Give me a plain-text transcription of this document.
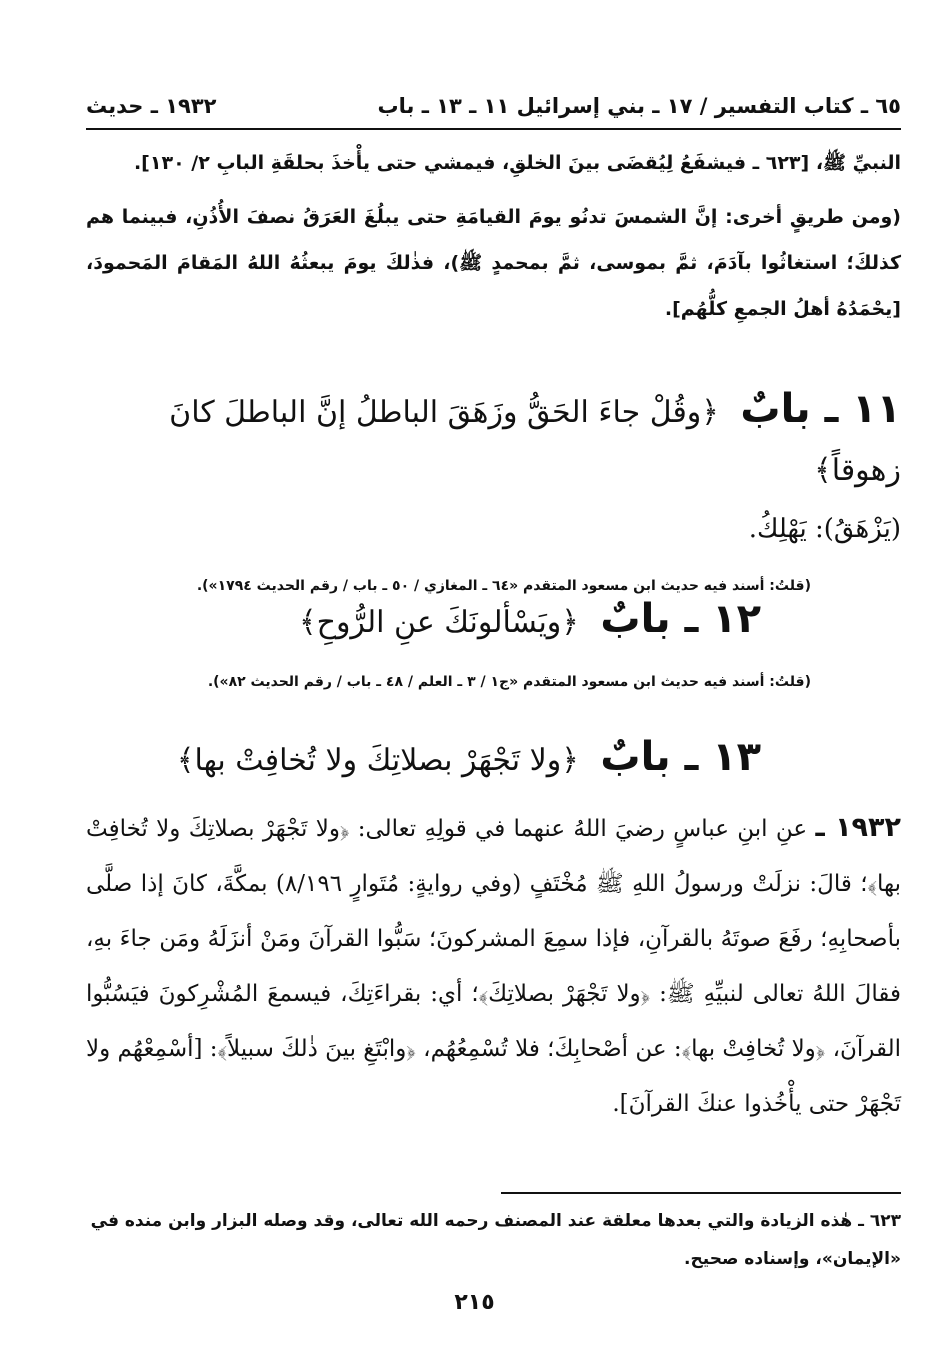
٦٥ ـ كتاب التفسير / ١٧ ـ بني إسرائيل ١١ ـ ١٣ ـ باب
١٩٣٢ ـ حديث

النبيِّ ﷺ، [٦٢٣ ـ فيشفَعُ لِيُقضَى بينَ الخلقِ، فيمشي حتى يأْخذَ بحلقَةِ البابِ ٢/ ١٣٠].

(ومن طريقٍ أخرى: إنَّ الشمسَ تدنُو يومَ القيامَةِ حتى يبلُغَ العَرَقُ نصفَ الأُذُنِ، فبينما هم كذلكَ؛ استغاثُوا بآدَمَ، ثمَّ بموسى، ثمَّ بمحمدٍ ﷺ)، فذٰلكَ يومَ يبعثُهُ اللهُ المَقامَ المَحمودَ، [يحْمَدُهُ أهلُ الجمعِ كلُّهُم].

١١ ـ بابٌ ﴿وقُلْ جاءَ الحَقُّ وزَهَقَ الباطلُ إنَّ الباطلَ كانَ زهوقاً﴾

(يَزْهَقُ): يَهْلِكُ.

(قلتُ: أسند فيه حديث ابن مسعود المتقدم «٦٤ ـ المغازي / ٥٠ ـ باب / رقم الحديث ١٧٩٤»).

١٢ ـ بابٌ ﴿ويَسْألونَكَ عنِ الرُّوحِ﴾

(قلتُ: أسند فيه حديث ابن مسعود المتقدم «ج١ / ٣ ـ العلم / ٤٨ ـ باب / رقم الحديث ٨٢»).

١٣ ـ بابٌ ﴿ولا تَجْهَرْ بصلاتِكَ ولا تُخافِتْ بها﴾

١٩٣٢ ـ عنِ ابنِ عباسٍ رضيَ اللهُ عنهما في قولِهِ تعالى: ﴿ولا تَجْهَرْ بصلاتِكَ ولا تُخافِتْ بها﴾؛ قالَ: نزلَتْ ورسولُ اللهِ ﷺ مُخْتَفٍ (وفي روايةٍ: مُتَوارٍ ٨/١٩٦) بمكَّةَ، كانَ إذا صلَّى بأصحابِهِ؛ رفَعَ صوتَهُ بالقرآنِ، فإذا سمِعَ المشركونَ؛ سَبُّوا القرآنَ ومَنْ أنزَلَهُ ومَن جاءَ بهِ، فقالَ اللهُ تعالى لنبيِّهِ ﷺ: ﴿ولا تَجْهَرْ بصلاتِكَ﴾؛ أي: بقراءَتِكَ، فيسمعَ المُشْرِكونَ فيَسُبُّوا القرآنَ، ﴿ولا تُخافِتْ بها﴾: عن أصْحابِكَ؛ فلا تُسْمِعُهُم، ﴿وابْتَغِ بينَ ذٰلكَ سبيلاً﴾: [أسْمِعْهُم ولا تَجْهَرْ حتى يأْخُذوا عنكَ القرآنَ].

٦٢٣ ـ هٰذه الزيادة والتي بعدها معلقة عند المصنف رحمه الله تعالى، وقد وصله البزار وابن منده في «الإيمان»، وإسناده صحيح.

٢١٥
